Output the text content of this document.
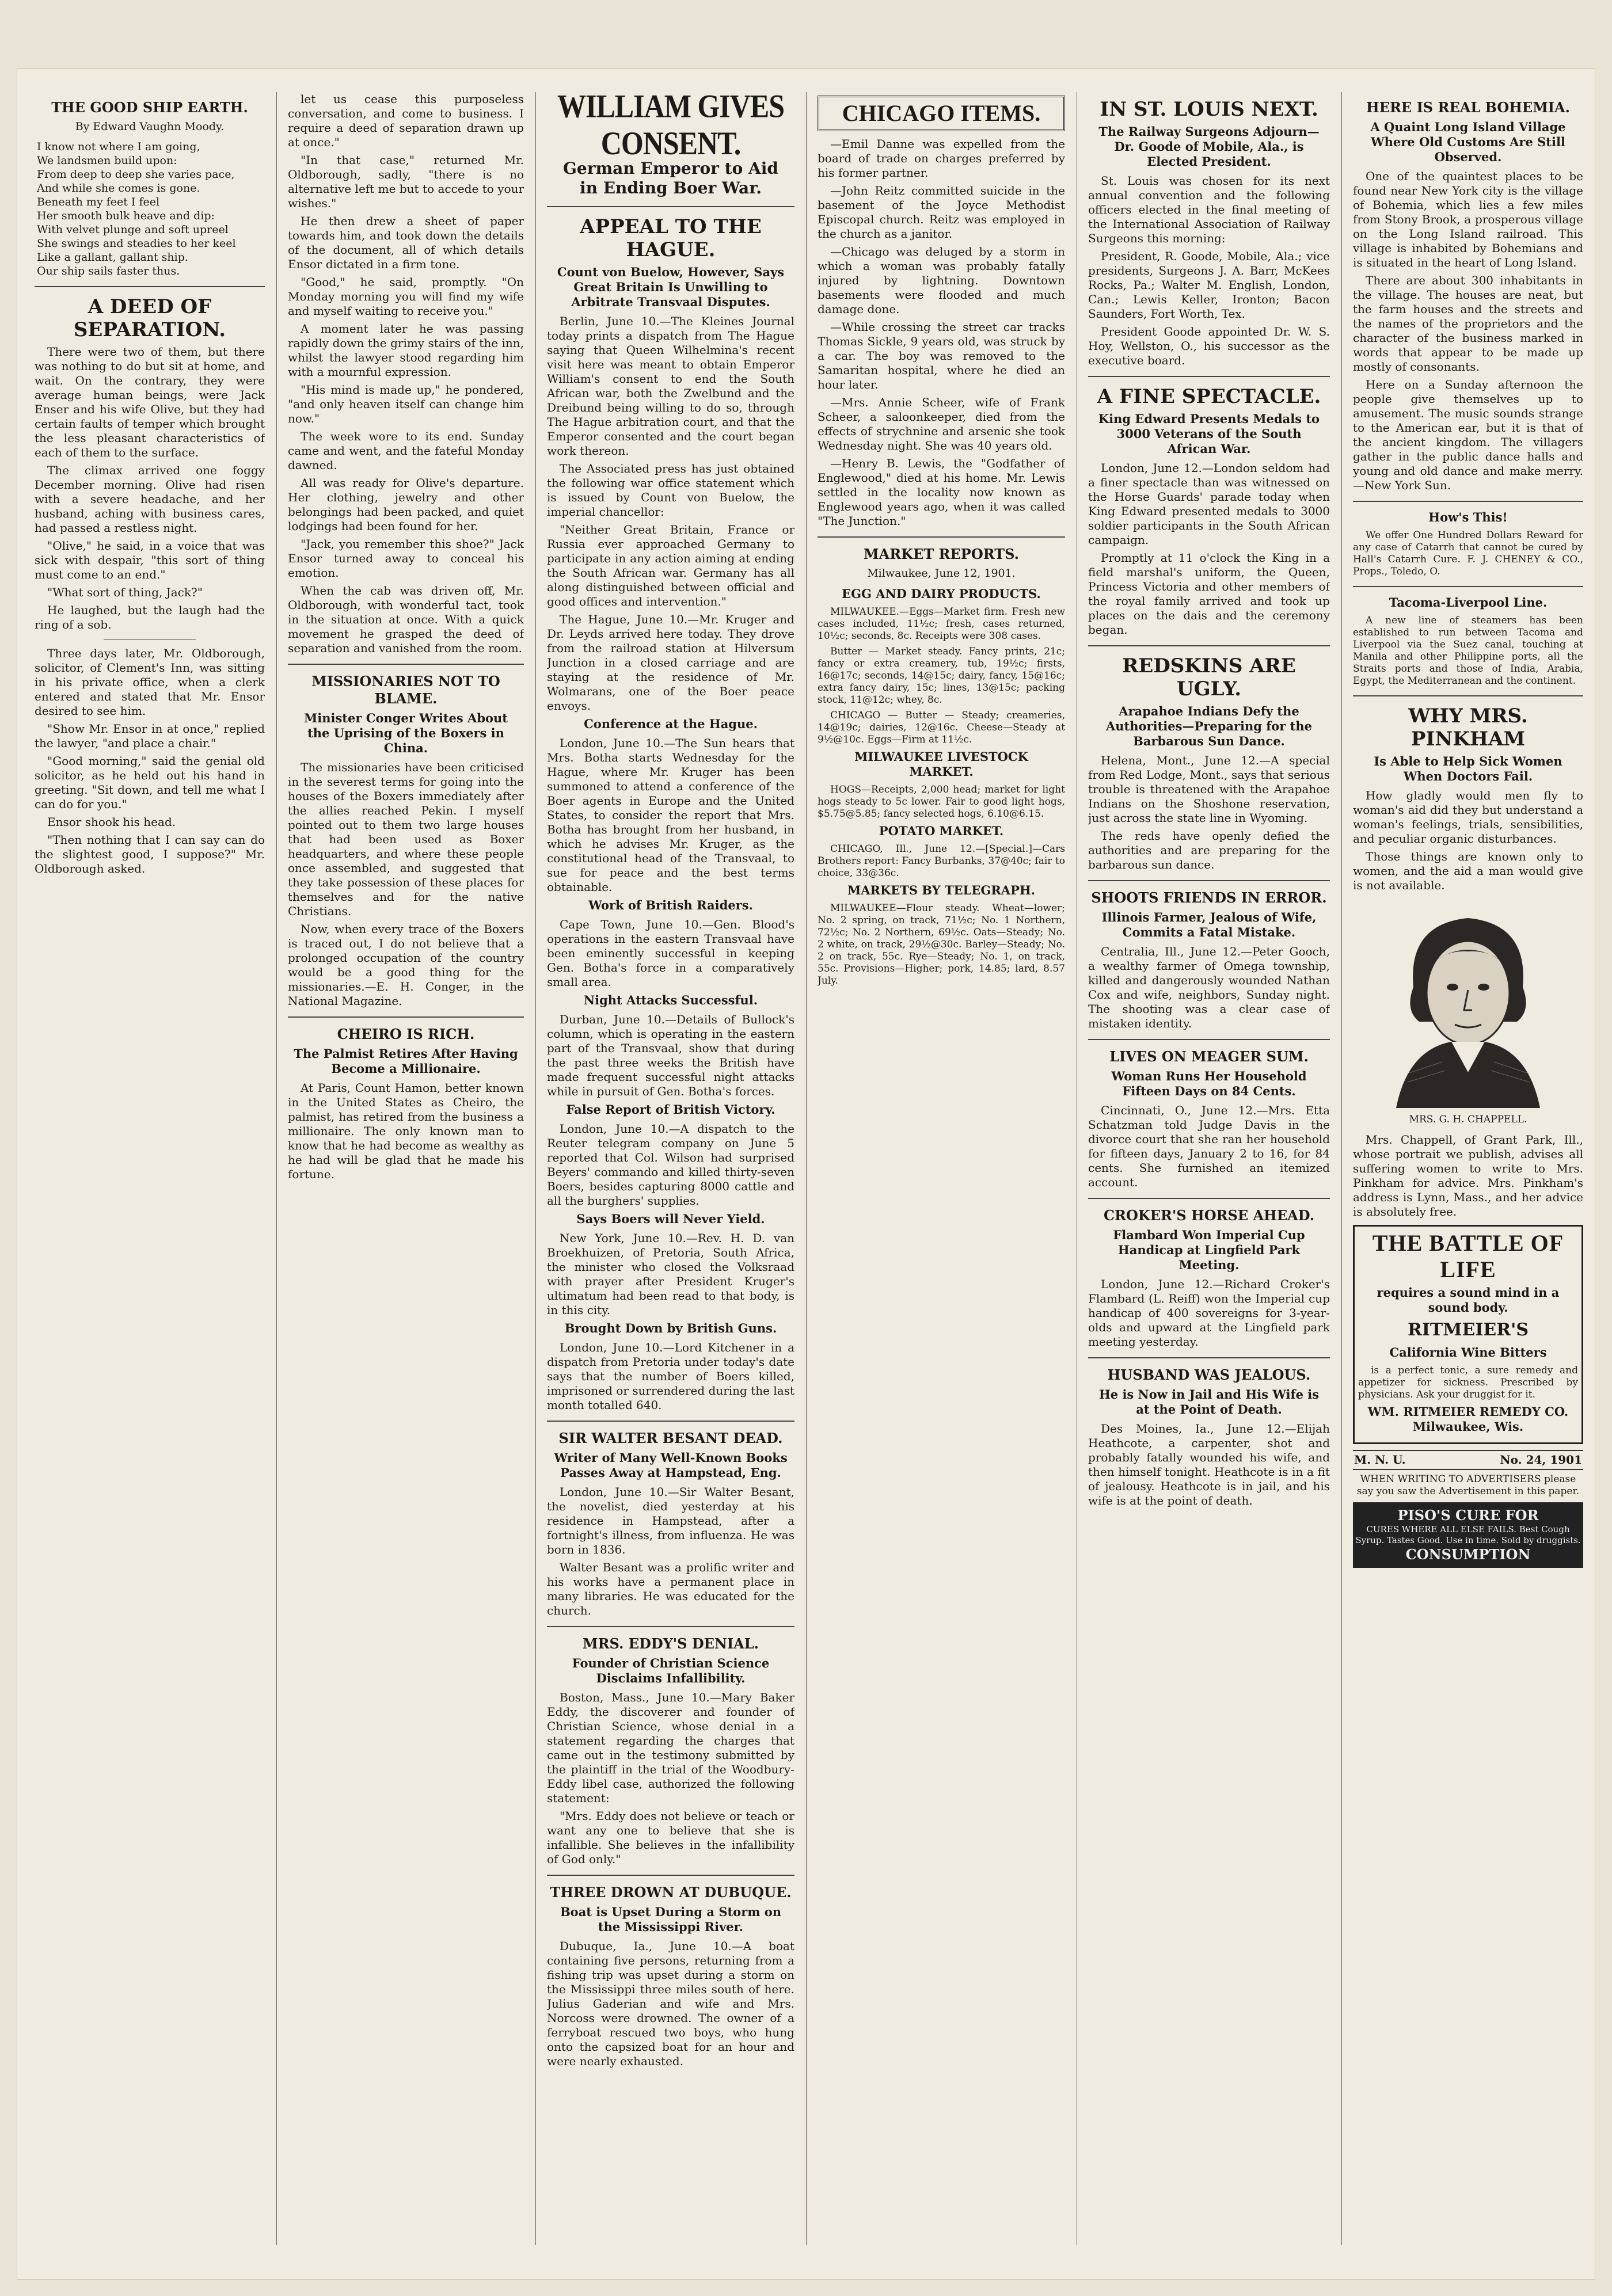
THE GOOD SHIP EARTH.
By Edward Vaughn Moody.
I know not where I am going,
We landsmen build upon:
From deep to deep she varies pace,
And while she comes is gone.
Beneath my feet I feel
Her smooth bulk heave and dip:
With velvet plunge and soft upreel
She swings and steadies to her keel
Like a gallant, gallant ship.
Our ship sails faster thus.
A DEED OF SEPARATION.

There were two of them, but there was nothing to do but sit at home, and wait. On the contrary, they were average human beings, were Jack Enser and his wife Olive, but they had certain faults of temper which brought the less pleasant characteristics of each of them to the surface.

The climax arrived one foggy December morning. Olive had risen with a severe headache, and her husband, aching with business cares, had passed a restless night.

"Olive," he said, in a voice that was sick with despair, "this sort of thing must come to an end."

"What sort of thing, Jack?"

He laughed, but the laugh had the ring of a sob.

Three days later, Mr. Oldborough, solicitor, of Clement's Inn, was sitting in his private office, when a clerk entered and stated that Mr. Ensor desired to see him.

"Show Mr. Ensor in at once," replied the lawyer, "and place a chair."

"Good morning," said the genial old solicitor, as he held out his hand in greeting. "Sit down, and tell me what I can do for you."

Ensor shook his head.

"Then nothing that I can say can do the slightest good, I suppose?" Mr. Oldborough asked.

let us cease this purposeless conversation, and come to business. I require a deed of separation drawn up at once."

"In that case," returned Mr. Oldborough, sadly, "there is no alternative left me but to accede to your wishes."

He then drew a sheet of paper towards him, and took down the details of the document, all of which details Ensor dictated in a firm tone.

"Good," he said, promptly. "On Monday morning you will find my wife and myself waiting to receive you."

A moment later he was passing rapidly down the grimy stairs of the inn, whilst the lawyer stood regarding him with a mournful expression.

"His mind is made up," he pondered, "and only heaven itself can change him now."

The week wore to its end. Sunday came and went, and the fateful Monday dawned.

All was ready for Olive's departure. Her clothing, jewelry and other belongings had been packed, and quiet lodgings had been found for her.

"Jack, you remember this shoe?" Jack Ensor turned away to conceal his emotion.

When the cab was driven off, Mr. Oldborough, with wonderful tact, took in the situation at once. With a quick movement he grasped the deed of separation and vanished from the room.

MISSIONARIES NOT TO BLAME.
Minister Conger Writes About the Uprising of the Boxers in China.

The missionaries have been criticised in the severest terms for going into the houses of the Boxers immediately after the allies reached Pekin. I myself pointed out to them two large houses that had been used as Boxer headquarters, and where these people once assembled, and suggested that they take possession of these places for themselves and for the native Christians.

Now, when every trace of the Boxers is traced out, I do not believe that a prolonged occupation of the country would be a good thing for the missionaries.—E. H. Conger, in the National Magazine.

CHEIRO IS RICH.
The Palmist Retires After Having Become a Millionaire.

At Paris, Count Hamon, better known in the United States as Cheiro, the palmist, has retired from the business a millionaire. The only known man to know that he had become as wealthy as he had will be glad that he made his fortune.

WILLIAM GIVES CONSENT.
German Emperor to Aid in Ending Boer War.
APPEAL TO THE HAGUE.
Count von Buelow, However, Says Great Britain Is Unwilling to Arbitrate Transvaal Disputes.

Berlin, June 10.—The Kleines Journal today prints a dispatch from The Hague saying that Queen Wilhelmina's recent visit here was meant to obtain Emperor William's consent to end the South African war, both the Zwelbund and the Dreibund being willing to do so, through The Hague arbitration court, and that the Emperor consented and the court began work thereon.

The Associated press has just obtained the following war office statement which is issued by Count von Buelow, the imperial chancellor:

"Neither Great Britain, France or Russia ever approached Germany to participate in any action aiming at ending the South African war. Germany has all along distinguished between official and good offices and intervention."

The Hague, June 10.—Mr. Kruger and Dr. Leyds arrived here today. They drove from the railroad station at Hilversum Junction in a closed carriage and are staying at the residence of Mr. Wolmarans, one of the Boer peace envoys.

Conference at the Hague.

London, June 10.—The Sun hears that Mrs. Botha starts Wednesday for the Hague, where Mr. Kruger has been summoned to attend a conference of the Boer agents in Europe and the United States, to consider the report that Mrs. Botha has brought from her husband, in which he advises Mr. Kruger, as the constitutional head of the Transvaal, to sue for peace and the best terms obtainable.

Work of British Raiders.

Cape Town, June 10.—Gen. Blood's operations in the eastern Transvaal have been eminently successful in keeping Gen. Botha's force in a comparatively small area.

Night Attacks Successful.

Durban, June 10.—Details of Bullock's column, which is operating in the eastern part of the Transvaal, show that during the past three weeks the British have made frequent successful night attacks while in pursuit of Gen. Botha's forces.

False Report of British Victory.

London, June 10.—A dispatch to the Reuter telegram company on June 5 reported that Col. Wilson had surprised Beyers' commando and killed thirty-seven Boers, besides capturing 8000 cattle and all the burghers' supplies.

Says Boers will Never Yield.

New York, June 10.—Rev. H. D. van Broekhuizen, of Pretoria, South Africa, the minister who closed the Volksraad with prayer after President Kruger's ultimatum had been read to that body, is in this city.

Brought Down by British Guns.

London, June 10.—Lord Kitchener in a dispatch from Pretoria under today's date says that the number of Boers killed, imprisoned or surrendered during the last month totalled 640.

SIR WALTER BESANT DEAD.
Writer of Many Well-Known Books Passes Away at Hampstead, Eng.

London, June 10.—Sir Walter Besant, the novelist, died yesterday at his residence in Hampstead, after a fortnight's illness, from influenza. He was born in 1836.

Walter Besant was a prolific writer and his works have a permanent place in many libraries. He was educated for the church.

MRS. EDDY'S DENIAL.
Founder of Christian Science Disclaims Infallibility.

Boston, Mass., June 10.—Mary Baker Eddy, the discoverer and founder of Christian Science, whose denial in a statement regarding the charges that came out in the testimony submitted by the plaintiff in the trial of the Woodbury-Eddy libel case, authorized the following statement:

"Mrs. Eddy does not believe or teach or want any one to believe that she is infallible. She believes in the infallibility of God only."

THREE DROWN AT DUBUQUE.
Boat is Upset During a Storm on the Mississippi River.

Dubuque, Ia., June 10.—A boat containing five persons, returning from a fishing trip was upset during a storm on the Mississippi three miles south of here. Julius Gaderian and wife and Mrs. Norcoss were drowned. The owner of a ferryboat rescued two boys, who hung onto the capsized boat for an hour and were nearly exhausted.

CHICAGO ITEMS.

—Emil Danne was expelled from the board of trade on charges preferred by his former partner.

—John Reitz committed suicide in the basement of the Joyce Methodist Episcopal church. Reitz was employed in the church as a janitor.

—Chicago was deluged by a storm in which a woman was probably fatally injured by lightning. Downtown basements were flooded and much damage done.

—While crossing the street car tracks Thomas Sickle, 9 years old, was struck by a car. The boy was removed to the Samaritan hospital, where he died an hour later.

—Mrs. Annie Scheer, wife of Frank Scheer, a saloonkeeper, died from the effects of strychnine and arsenic she took Wednesday night. She was 40 years old.

—Henry B. Lewis, the "Godfather of Englewood," died at his home. Mr. Lewis settled in the locality now known as Englewood years ago, when it was called "The Junction."

MARKET REPORTS.
Milwaukee, June 12, 1901.
EGG AND DAIRY PRODUCTS.

MILWAUKEE.—Eggs—Market firm. Fresh new cases included, 11½c; fresh, cases returned, 10½c; seconds, 8c. Receipts were 308 cases.

Butter — Market steady. Fancy prints, 21c; fancy or extra creamery, tub, 19½c; firsts, 16@17c; seconds, 14@15c; dairy, fancy, 15@16c; extra fancy dairy, 15c; lines, 13@15c; packing stock, 11@12c; whey, 8c.

CHICAGO — Butter — Steady; creameries, 14@19c; dairies, 12@16c. Cheese—Steady at 9½@10c. Eggs—Firm at 11½c.

MILWAUKEE LIVESTOCK MARKET.

HOGS—Receipts, 2,000 head; market for light hogs steady to 5c lower. Fair to good light hogs, $5.75@5.85; fancy selected hogs, 6.10@6.15.

POTATO MARKET.

CHICAGO, Ill., June 12.—[Special.]—Cars Brothers report: Fancy Burbanks, 37@40c; fair to choice, 33@36c.

MARKETS BY TELEGRAPH.

MILWAUKEE—Flour steady. Wheat—lower; No. 2 spring, on track, 71½c; No. 1 Northern, 72½c; No. 2 Northern, 69½c. Oats—Steady; No. 2 white, on track, 29½@30c. Barley—Steady; No. 2 on track, 55c. Rye—Steady; No. 1, on track, 55c. Provisions—Higher; pork, 14.85; lard, 8.57 July.

IN ST. LOUIS NEXT.
The Railway Surgeons Adjourn—Dr. Goode of Mobile, Ala., is Elected President.

St. Louis was chosen for its next annual convention and the following officers elected in the final meeting of the International Association of Railway Surgeons this morning:

President, R. Goode, Mobile, Ala.; vice presidents, Surgeons J. A. Barr, McKees Rocks, Pa.; Walter M. English, London, Can.; Lewis Keller, Ironton; Bacon Saunders, Fort Worth, Tex.

President Goode appointed Dr. W. S. Hoy, Wellston, O., his successor as the executive board.

A FINE SPECTACLE.
King Edward Presents Medals to 3000 Veterans of the South African War.

London, June 12.—London seldom had a finer spectacle than was witnessed on the Horse Guards' parade today when King Edward presented medals to 3000 soldier participants in the South African campaign.

Promptly at 11 o'clock the King in a field marshal's uniform, the Queen, Princess Victoria and other members of the royal family arrived and took up places on the dais and the ceremony began.

REDSKINS ARE UGLY.
Arapahoe Indians Defy the Authorities—Preparing for the Barbarous Sun Dance.

Helena, Mont., June 12.—A special from Red Lodge, Mont., says that serious trouble is threatened with the Arapahoe Indians on the Shoshone reservation, just across the state line in Wyoming.

The reds have openly defied the authorities and are preparing for the barbarous sun dance.

SHOOTS FRIENDS IN ERROR.
Illinois Farmer, Jealous of Wife, Commits a Fatal Mistake.

Centralia, Ill., June 12.—Peter Gooch, a wealthy farmer of Omega township, killed and dangerously wounded Nathan Cox and wife, neighbors, Sunday night. The shooting was a clear case of mistaken identity.

LIVES ON MEAGER SUM.
Woman Runs Her Household Fifteen Days on 84 Cents.

Cincinnati, O., June 12.—Mrs. Etta Schatzman told Judge Davis in the divorce court that she ran her household for fifteen days, January 2 to 16, for 84 cents. She furnished an itemized account.

CROKER'S HORSE AHEAD.
Flambard Won Imperial Cup Handicap at Lingfield Park Meeting.

London, June 12.—Richard Croker's Flambard (L. Reiff) won the Imperial cup handicap of 400 sovereigns for 3-year-olds and upward at the Lingfield park meeting yesterday.

HUSBAND WAS JEALOUS.
He is Now in Jail and His Wife is at the Point of Death.

Des Moines, Ia., June 12.—Elijah Heathcote, a carpenter, shot and probably fatally wounded his wife, and then himself tonight. Heathcote is in a fit of jealousy. Heathcote is in jail, and his wife is at the point of death.

HERE IS REAL BOHEMIA.
A Quaint Long Island Village Where Old Customs Are Still Observed.

One of the quaintest places to be found near New York city is the village of Bohemia, which lies a few miles from Stony Brook, a prosperous village on the Long Island railroad. This village is inhabited by Bohemians and is situated in the heart of Long Island.

There are about 300 inhabitants in the village. The houses are neat, but the farm houses and the streets and the names of the proprietors and the character of the business marked in words that appear to be made up mostly of consonants.

Here on a Sunday afternoon the people give themselves up to amusement. The music sounds strange to the American ear, but it is that of the ancient kingdom. The villagers gather in the public dance halls and young and old dance and make merry.—New York Sun.

How's This!

We offer One Hundred Dollars Reward for any case of Catarrh that cannot be cured by Hall's Catarrh Cure. F. J. CHENEY & CO., Props., Toledo, O.

Tacoma-Liverpool Line.

A new line of steamers has been established to run between Tacoma and Liverpool via the Suez canal, touching at Manila and other Philippine ports, all the Straits ports and those of India, Arabia, Egypt, the Mediterranean and the continent.

WHY MRS. PINKHAM
Is Able to Help Sick Women When Doctors Fail.

How gladly would men fly to woman's aid did they but understand a woman's feelings, trials, sensibilities, and peculiar organic disturbances.

Those things are known only to women, and the aid a man would give is not available.

MRS. G. H. CHAPPELL.

Mrs. Chappell, of Grant Park, Ill., whose portrait we publish, advises all suffering women to write to Mrs. Pinkham for advice. Mrs. Pinkham's address is Lynn, Mass., and her advice is absolutely free.

THE BATTLE OF LIFE
requires a sound mind in a sound body.
RITMEIER'S
California Wine Bitters

is a perfect tonic, a sure remedy and appetizer for sickness. Prescribed by physicians. Ask your druggist for it.

WM. RITMEIER REMEDY CO. Milwaukee, Wis.
M. N. U.	No. 24, 1901

WHEN WRITING TO ADVERTISERS please say you saw the Advertisement in this paper.

PISO'S CURE FOR
CURES WHERE ALL ELSE FAILS. Best Cough Syrup. Tastes Good. Use in time. Sold by druggists.
CONSUMPTION
